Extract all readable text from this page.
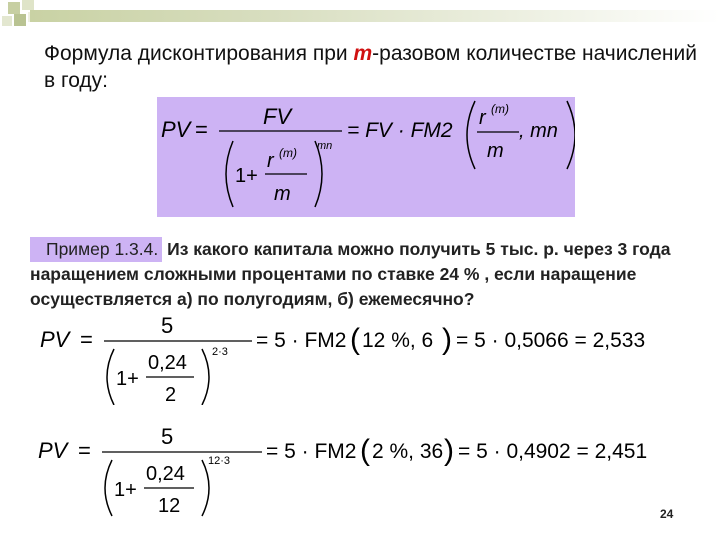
Формула дисконтирования при m-разовом количестве начислений в году:
PV =
FV
1+
r (m)
m
mn
= FV · FM2
r (m)
m
, mn
Пример 1.3.4. Из какого капитала можно получить 5 тыс. р. через 3 года наращением сложными процентами по ставке 24 % , если наращение осуществляется а) по полугодиям, б) ежемесячно?
PV =
5
1+
0,24
2
2·3 = 5 · FM2 ( 12 %, 6 ) = 5 · 0,5066 = 2,533
PV =
5
1+
0,24
12
12·3 = 5 · FM2 ( 2 %, 36 ) = 5 · 0,4902 = 2,451
24
